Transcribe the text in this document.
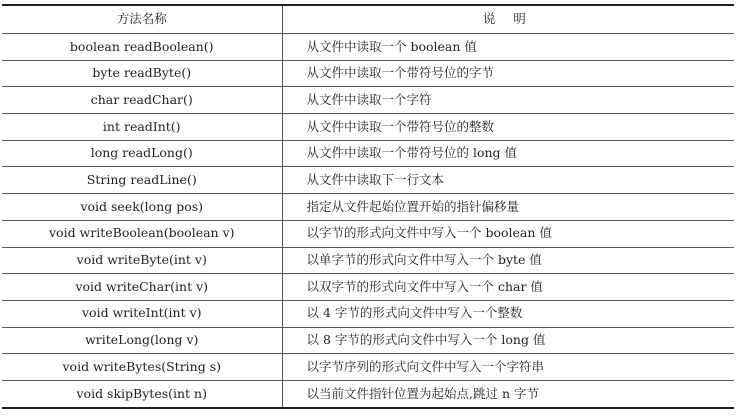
方法名称	说明
boolean readBoolean()	从文件中读取一个 boolean 值
byte readByte()	从文件中读取一个带符号位的字节
char readChar()	从文件中读取一个字符
int readInt()	从文件中读取一个带符号位的整数
long readLong()	从文件中读取一个带符号位的 long 值
String readLine()	从文件中读取下一行文本
void seek(long pos)	指定从文件起始位置开始的指针偏移量
void writeBoolean(boolean v)	以字节的形式向文件中写入一个 boolean 值
void writeByte(int v)	以单字节的形式向文件中写入一个 byte 值
void writeChar(int v)	以双字节的形式向文件中写入一个 char 值
void writeInt(int v)	以 4 字节的形式向文件中写入一个整数
writeLong(long v)	以 8 字节的形式向文件中写入一个 long 值
void writeBytes(String s)	以字节序列的形式向文件中写入一个字符串
void skipBytes(int n)	以当前文件指针位置为起始点,跳过 n 字节
